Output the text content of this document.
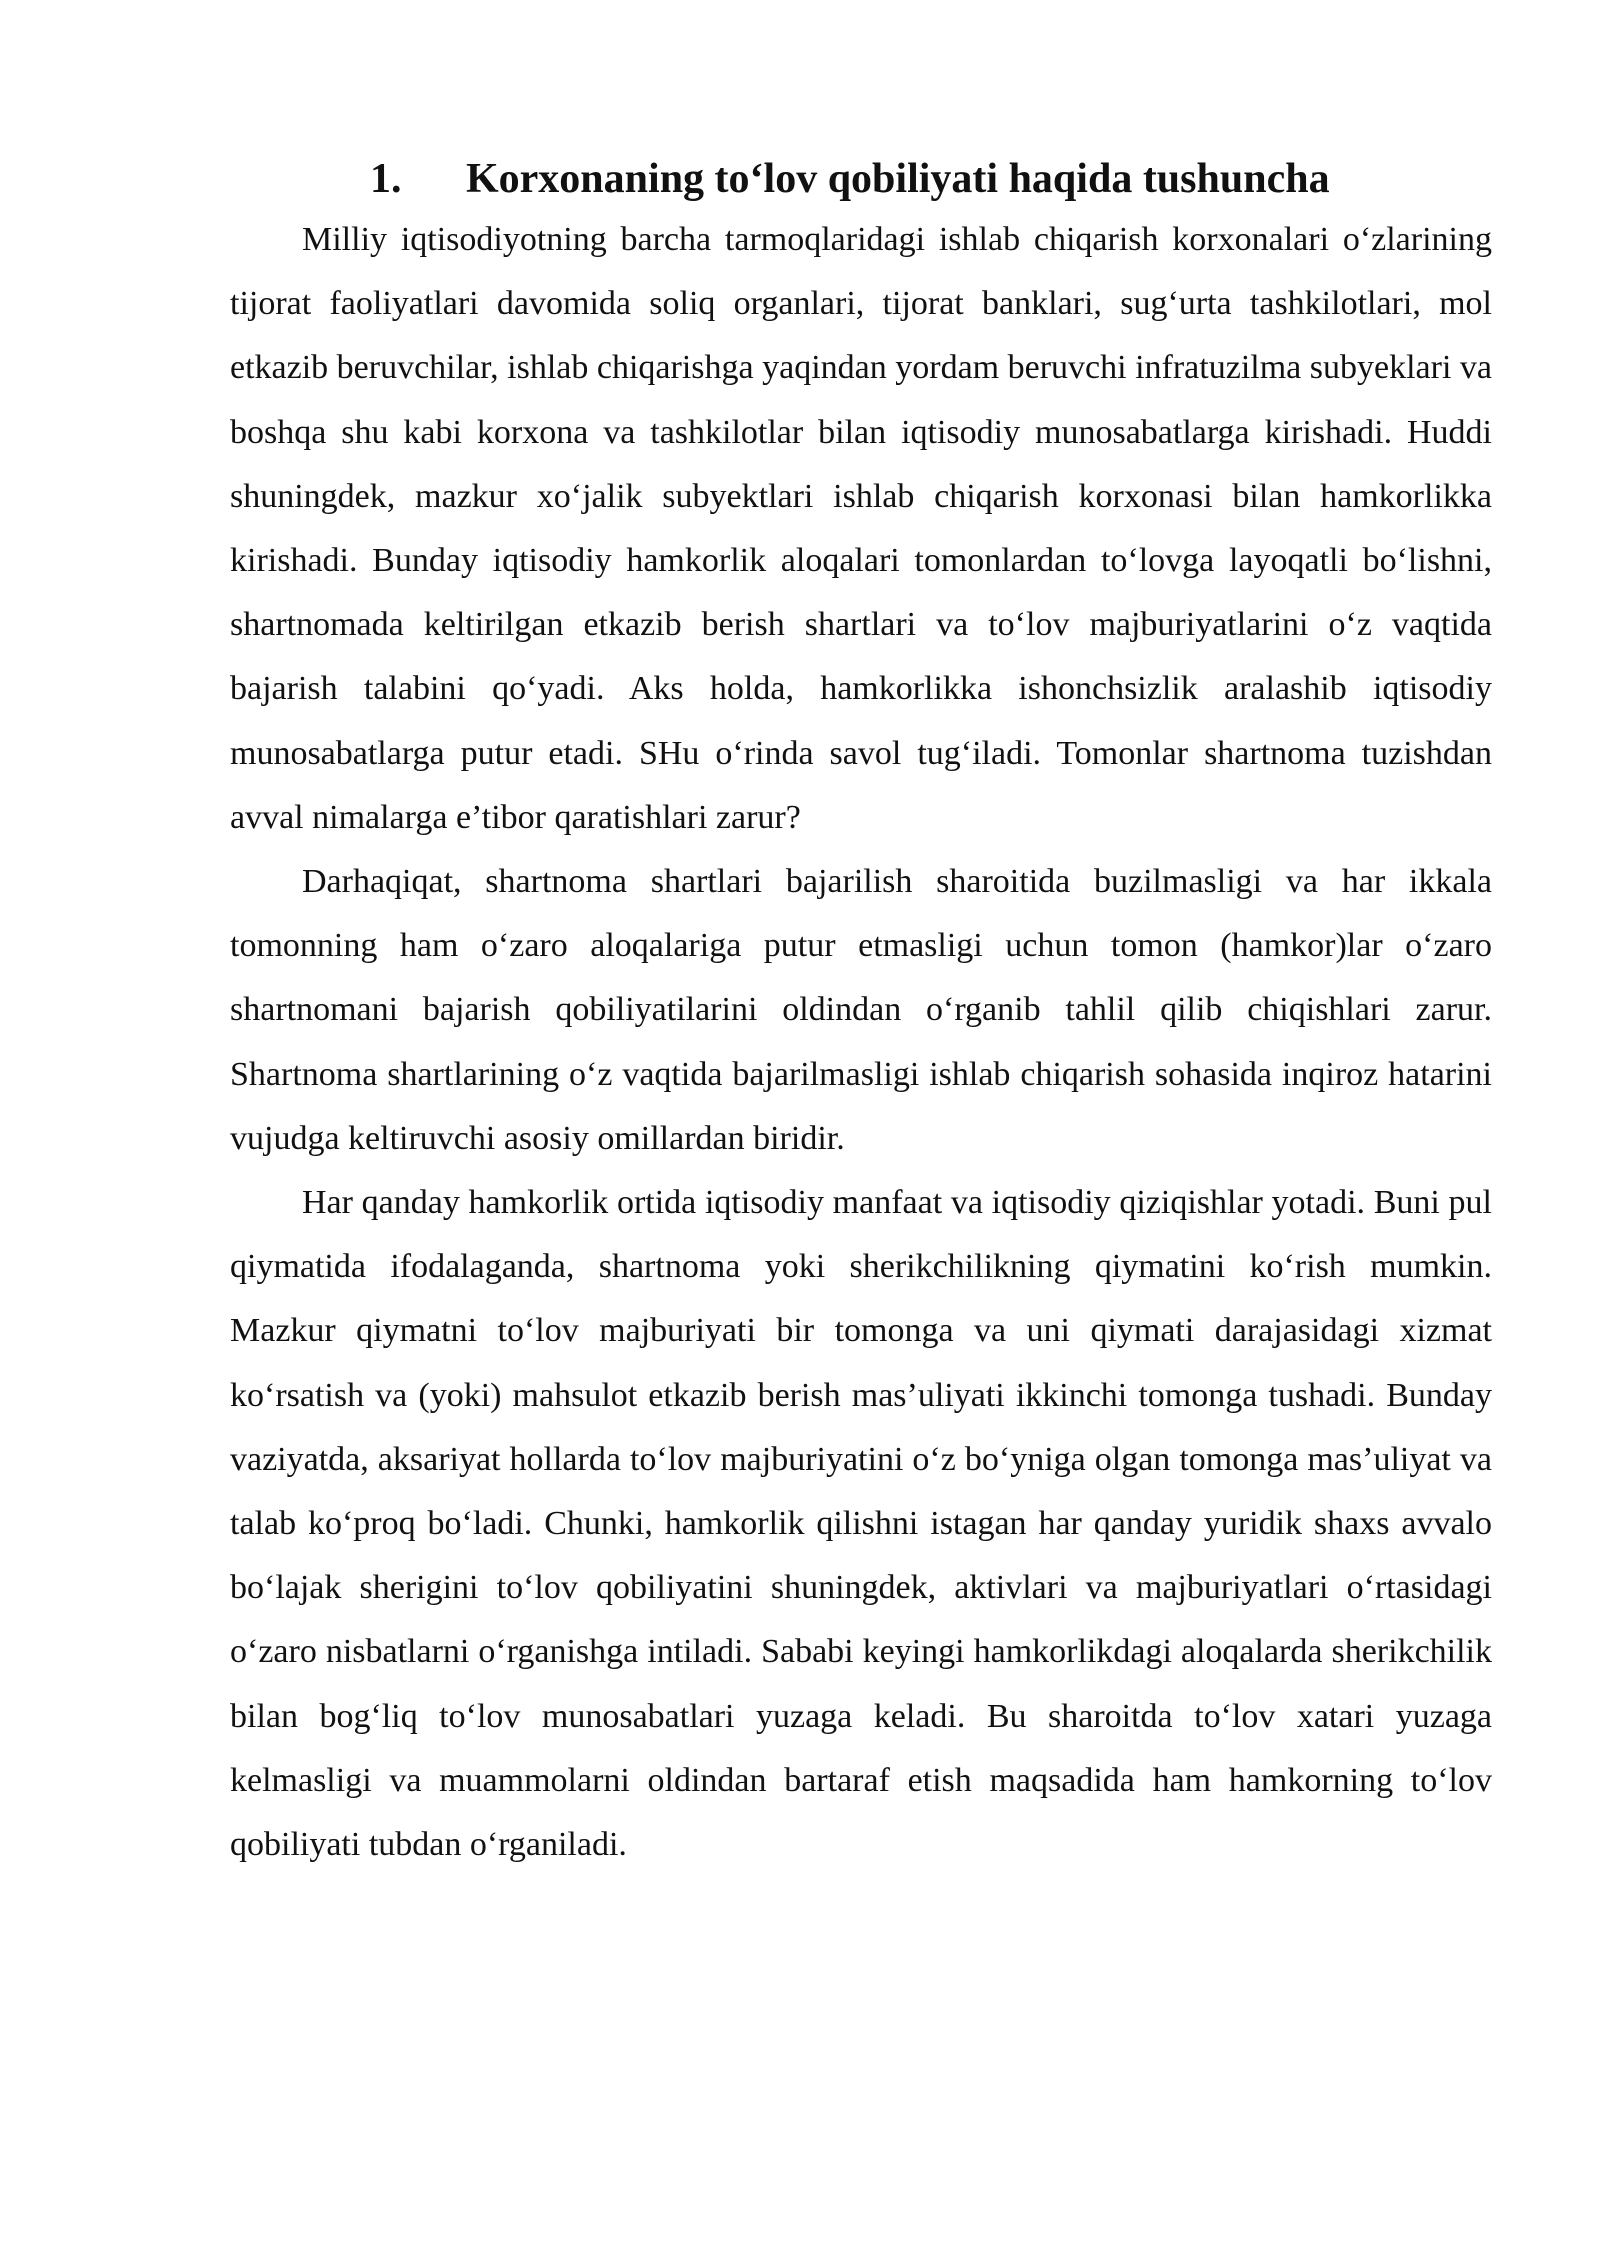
1. Korxonaning to‘lov qobiliyati haqida tushuncha

Milliy iqtisodiyotning barcha tarmoqlaridagi ishlab chiqarish korxonalari o‘zlarining tijorat faoliyatlari davomida soliq organlari, tijorat banklari, sug‘urta tashkilotlari, mol etkazib beruvchilar, ishlab chiqarishga yaqindan yordam beruvchi infratuzilma subyeklari va boshqa shu kabi korxona va tashkilotlar bilan iqtisodiy munosabatlarga kirishadi. Huddi shuningdek, mazkur xo‘jalik subyektlari ishlab chiqarish korxonasi bilan hamkorlikka kirishadi. Bunday iqtisodiy hamkorlik aloqalari tomonlardan to‘lovga layoqatli bo‘lishni, shartnomada keltirilgan etkazib berish shartlari va to‘lov majburiyatlarini o‘z vaqtida bajarish talabini qo‘yadi. Aks holda, hamkorlikka ishonchsizlik aralashib iqtisodiy munosabatlarga putur etadi. SHu o‘rinda savol tug‘iladi. Tomonlar shartnoma tuzishdan avval nimalarga e’tibor qaratishlari zarur?

Darhaqiqat, shartnoma shartlari bajarilish sharoitida buzilmasligi va har ikkala tomonning ham o‘zaro aloqalariga putur etmasligi uchun tomon (hamkor)lar o‘zaro shartnomani bajarish qobiliyatilarini oldindan o‘rganib tahlil qilib chiqishlari zarur. Shartnoma shartlarining o‘z vaqtida bajarilmasligi ishlab chiqarish sohasida inqiroz hatarini vujudga keltiruvchi asosiy omillardan biridir.

Har qanday hamkorlik ortida iqtisodiy manfaat va iqtisodiy qiziqishlar yotadi. Buni pul qiymatida ifodalaganda, shartnoma yoki sherikchilikning qiymatini ko‘rish mumkin. Mazkur qiymatni to‘lov majburiyati bir tomonga va uni qiymati darajasidagi xizmat ko‘rsatish va (yoki) mahsulot etkazib berish mas’uliyati ikkinchi tomonga tushadi. Bunday vaziyatda, aksariyat hollarda to‘lov majburiyatini o‘z bo‘yniga olgan tomonga mas’uliyat va talab ko‘proq bo‘ladi. Chunki, hamkorlik qilishni istagan har qanday yuridik shaxs avvalo bo‘lajak sherigini to‘lov qobiliyatini shuningdek, aktivlari va majburiyatlari o‘rtasidagi o‘zaro nisbatlarni o‘rganishga intiladi. Sababi keyingi hamkorlikdagi aloqalarda sherikchilik bilan bog‘liq to‘lov munosabatlari yuzaga keladi. Bu sharoitda to‘lov xatari yuzaga kelmasligi va muammolarni oldindan bartaraf etish maqsadida ham hamkorning to‘lov qobiliyati tubdan o‘rganiladi.
